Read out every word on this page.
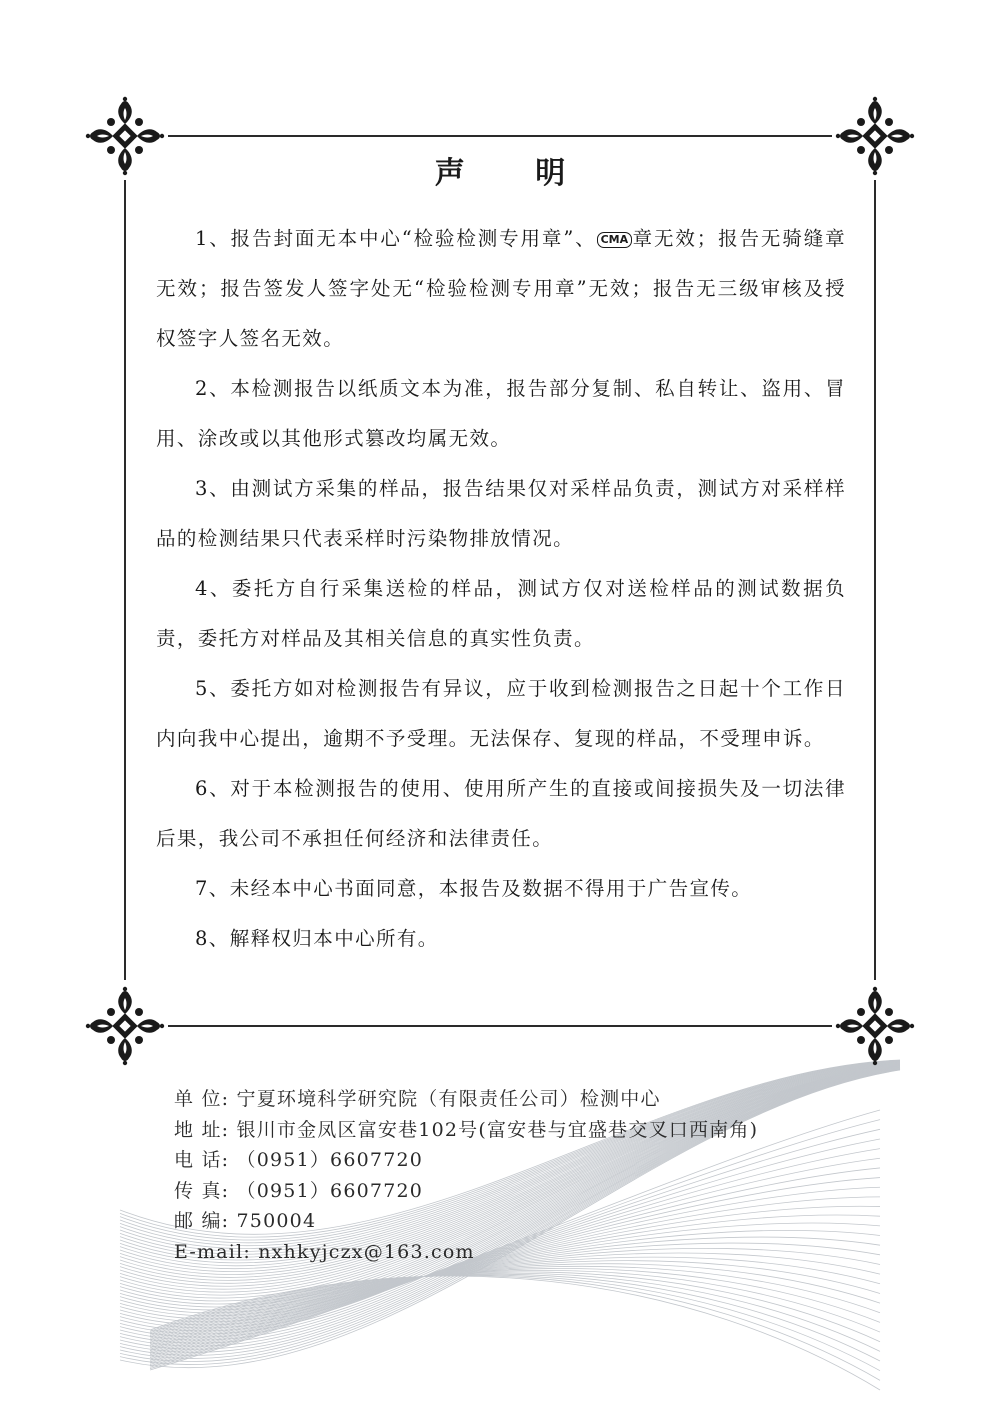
声 明

1、报告封面无本中心“检验检测专用章”、 CMA 章无效；报告无骑缝章无效；报告签发人签字处无“检验检测专用章”无效；报告无三级审核及授权签字人签名无效。

2、本检测报告以纸质文本为准，报告部分复制、私自转让、盗用、冒用、涂改或以其他形式篡改均属无效。

3、由测试方采集的样品，报告结果仅对采样品负责，测试方对采样样品的检测结果只代表采样时污染物排放情况。

4、委托方自行采集送检的样品，测试方仅对送检样品的测试数据负责，委托方对样品及其相关信息的真实性负责。

5、委托方如对检测报告有异议，应于收到检测报告之日起十个工作日内向我中心提出，逾期不予受理。无法保存、复现的样品，不受理申诉。

6、对于本检测报告的使用、使用所产生的直接或间接损失及一切法律后果，我公司不承担任何经济和法律责任。

7、未经本中心书面同意，本报告及数据不得用于广告宣传。

8、解释权归本中心所有。

单 位: 宁夏环境科学研究院（有限责任公司）检测中心
地 址: 银川市金凤区富安巷102号(富安巷与宜盛巷交叉口西南角)
电 话: （0951）6607720
传 真: （0951）6607720
邮 编: 750004
E-mail: nxhkyjczx@163.com
